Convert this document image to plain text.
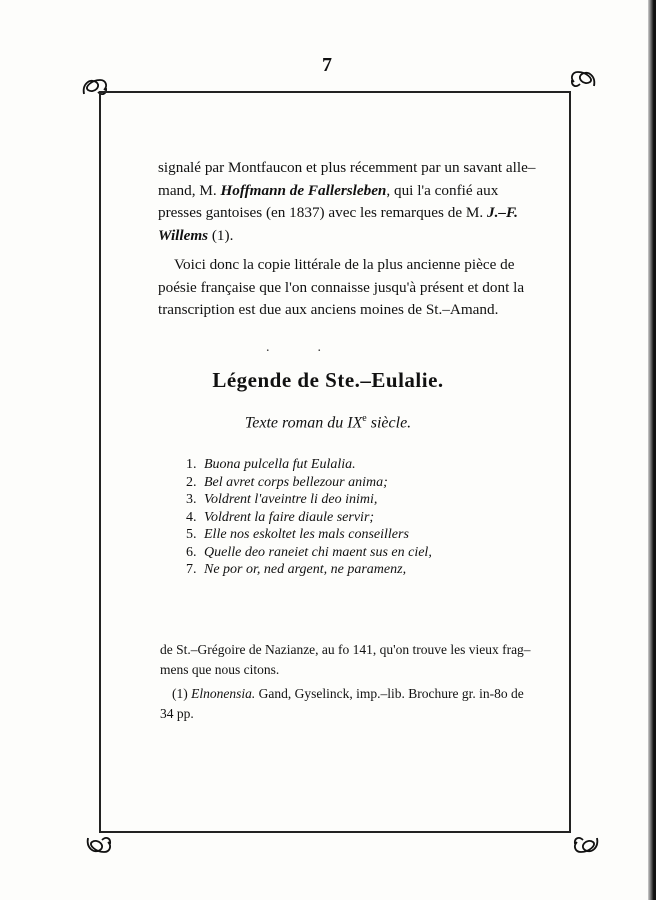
7

signalé par Montfaucon et plus récemment par un savant alle–

mand, M. Hoffmann de Fallersleben, qui l'a confié aux

presses gantoises (en 1837) avec les remarques de M. J.–F.

Willems (1).

Voici donc la copie littérale de la plus ancienne pièce de

poésie française que l'on connaisse jusqu'à présent et dont la

transcription est due aux anciens moines de St.–Amand.

..
Légende de Ste.–Eulalie.
Texte roman du IXe siècle.
1. Buona pulcella fut Eulalia.
2. Bel avret corps bellezour anima;
3. Voldrent l'aveintre li deo inimi,
4. Voldrent la faire diaule servir;
5. Elle nos eskoltet les mals conseillers
6. Quelle deo raneiet chi maent sus en ciel,
7. Ne por or, ned argent, ne paramenz,

de St.–Grégoire de Nazianze, au fo 141, qu'on trouve les vieux frag–

mens que nous citons.

(1) Elnonensia. Gand, Gyselinck, imp.–lib. Brochure gr. in-8o de

34 pp.
